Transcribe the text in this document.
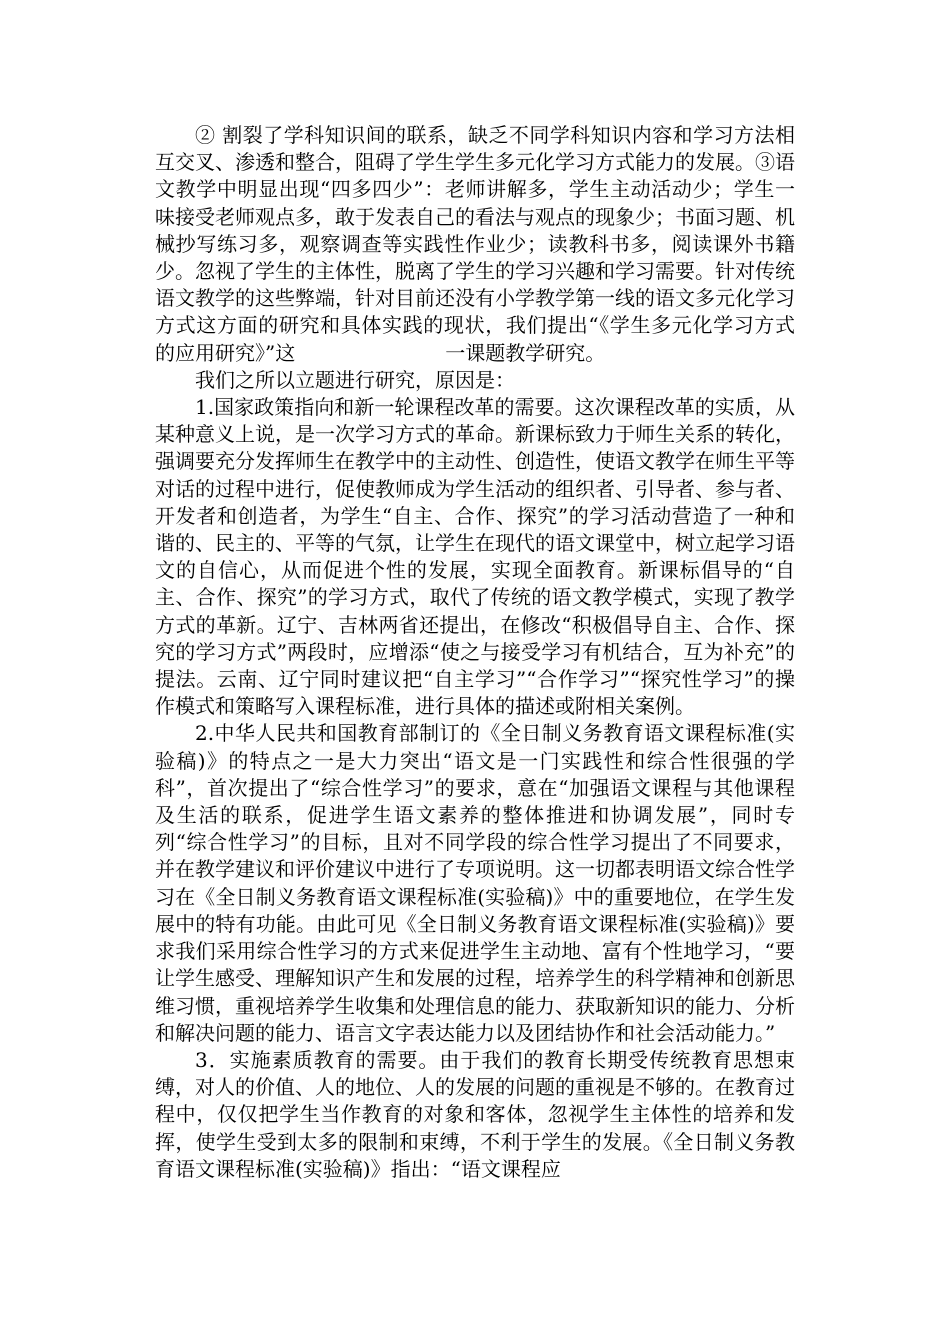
② 割裂了学科知识间的联系，缺乏不同学科知识内容和学习方法相互交叉、渗透和整合，阻碍了学生学生多元化学习方式能力的发展。③语文教学中明显出现“四多四少”：老师讲解多，学生主动活动少；学生一味接受老师观点多，敢于发表自己的看法与观点的现象少；书面习题、机械抄写练习多，观察调查等实践性作业少；读教科书多，阅读课外书籍少。忽视了学生的主体性，脱离了学生的学习兴趣和学习需要。针对传统语文教学的这些弊端，针对目前还没有小学教学第一线的语文多元化学习方式这方面的研究和具体实践的现状，我们提出“《学生多元化学习方式的应用研究》”这	一课题教学研究。

我们之所以立题进行研究，原因是：

1.国家政策指向和新一轮课程改革的需要。这次课程改革的实质，从某种意义上说，是一次学习方式的革命。新课标致力于师生关系的转化，强调要充分发挥师生在教学中的主动性、创造性，使语文教学在师生平等对话的过程中进行，促使教师成为学生活动的组织者、引导者、参与者、开发者和创造者，为学生“自主、合作、探究”的学习活动营造了一种和谐的、民主的、平等的气氛，让学生在现代的语文课堂中，树立起学习语文的自信心，从而促进个性的发展，实现全面教育。新课标倡导的“自主、合作、探究”的学习方式，取代了传统的语文教学模式，实现了教学方式的革新。辽宁、吉林两省还提出，在修改“积极倡导自主、合作、探究的学习方式”两段时，应增添“使之与接受学习有机结合，互为补充”的提法。云南、辽宁同时建议把“自主学习”“合作学习”“探究性学习”的操作模式和策略写入课程标准，进行具体的描述或附相关案例。

2.中华人民共和国教育部制订的《全日制义务教育语文课程标准(实验稿)》的特点之一是大力突出“语文是一门实践性和综合性很强的学科”，首次提出了“综合性学习”的要求，意在“加强语文课程与其他课程及生活的联系，促进学生语文素养的整体推进和协调发展”，同时专列“综合性学习”的目标，且对不同学段的综合性学习提出了不同要求，并在教学建议和评价建议中进行了专项说明。这一切都表明语文综合性学习在《全日制义务教育语文课程标准(实验稿)》中的重要地位，在学生发展中的特有功能。由此可见《全日制义务教育语文课程标准(实验稿)》要求我们采用综合性学习的方式来促进学生主动地、富有个性地学习，“要让学生感受、理解知识产生和发展的过程，培养学生的科学精神和创新思维习惯，重视培养学生收集和处理信息的能力、获取新知识的能力、分析和解决问题的能力、语言文字表达能力以及团结协作和社会活动能力。”

3．实施素质教育的需要。由于我们的教育长期受传统教育思想束缚，对人的价值、人的地位、人的发展的问题的重视是不够的。在教育过程中，仅仅把学生当作教育的对象和客体，忽视学生主体性的培养和发挥，使学生受到太多的限制和束缚，不利于学生的发展。《全日制义务教育语文课程标准(实验稿)》指出：“语文课程应
